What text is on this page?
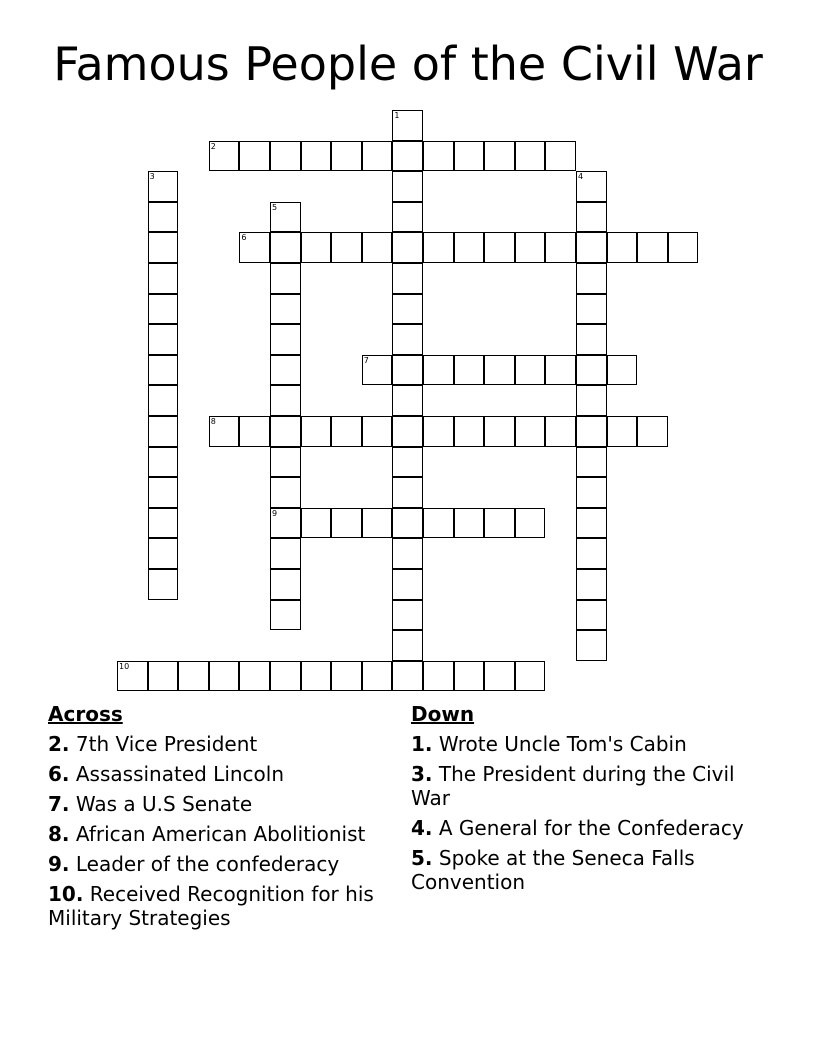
Famous People of the Civil War
1
2
3	4
5
9
6
7
8
10
Across
2. 7th Vice President
6. Assassinated Lincoln
7. Was a U.S Senate
8. African American Abolitionist
9. Leader of the confederacy
10. Received Recognition for his Military Strategies
Down
1. Wrote Uncle Tom's Cabin
3. The President during the Civil War
4. A General for the Confederacy
5. Spoke at the Seneca Falls Convention
